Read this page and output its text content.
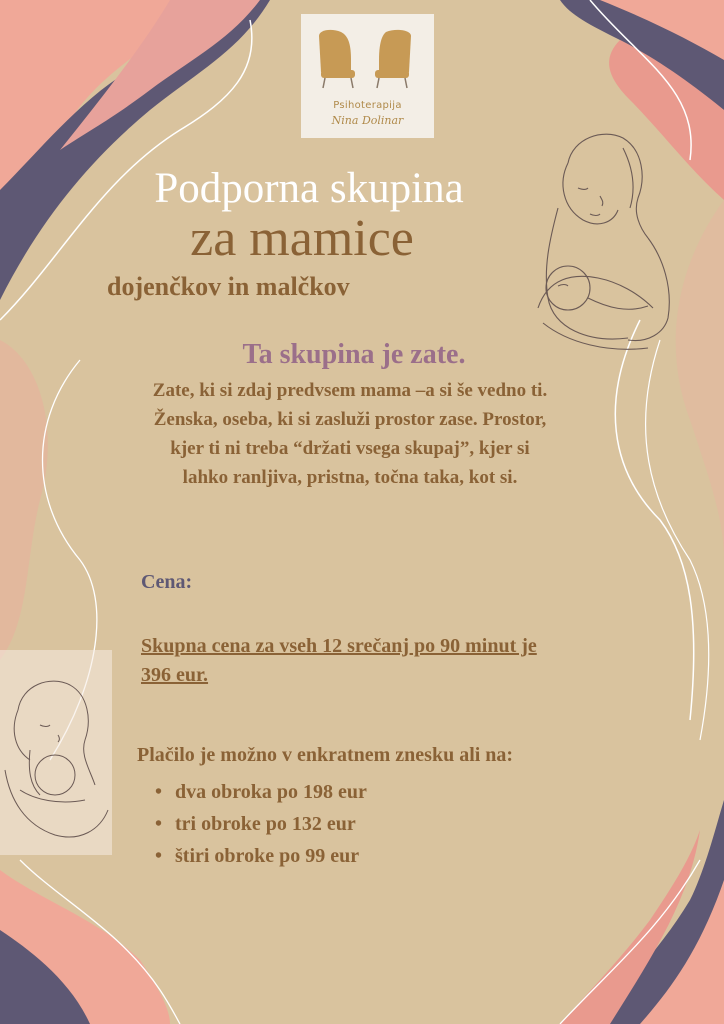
Psihoterapija
Nina Dolinar
Podporna skupina
za mamice
dojenčkov in malčkov
Ta skupina je zate.
Zate, ki si zdaj predvsem mama –a si še vedno ti.
Ženska, oseba, ki si zasluži prostor zase. Prostor,
kjer ti ni treba “držati vsega skupaj”, kjer si
lahko ranljiva, pristna, točna taka, kot si.
Cena:
Skupna cena za vseh 12 srečanj po 90 minut je
396 eur.
Plačilo je možno v enkratnem znesku ali na:
• dva obroka po 198 eur
• tri obroke po 132 eur
• štiri obroke po 99 eur
